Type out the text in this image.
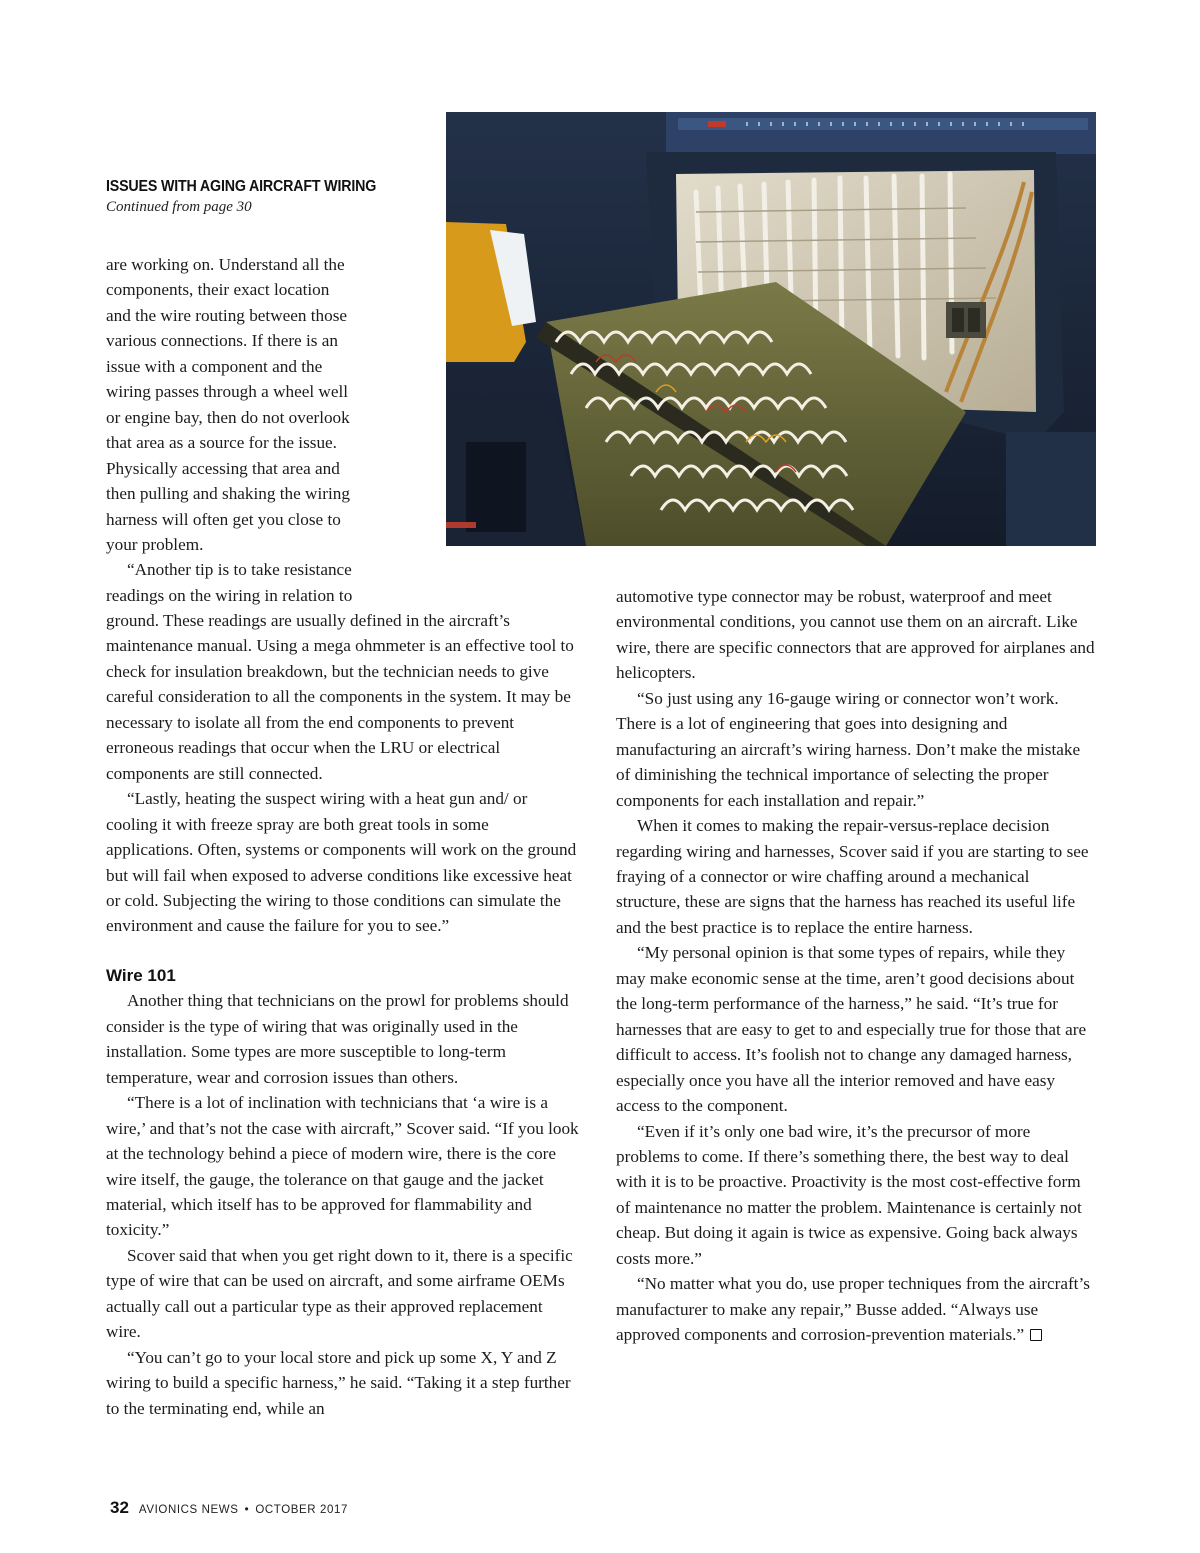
ISSUES WITH AGING AIRCRAFT WIRING
Continued from page 30
are working on. Understand all the
components, their exact location
and the wire routing between those
various connections. If there is an
issue with a component and the
wiring passes through a wheel well
or engine bay, then do not overlook
that area as a source for the issue.
Physically accessing that area and
then pulling and shaking the wiring
harness will often get you close to
your problem.
“Another tip is to take resistance
readings on the wiring in relation to

ground. These readings are usually defined in the aircraft’s maintenance manual. Using a mega ohmmeter is an effective tool to check for insulation breakdown, but the technician needs to give careful consideration to all the components in the system. It may be necessary to isolate all from the end components to prevent erroneous readings that occur when the LRU or electrical components are still connected.

“Lastly, heating the suspect wiring with a heat gun and/ or cooling it with freeze spray are both great tools in some applications. Often, systems or components will work on the ground but will fail when exposed to adverse conditions like excessive heat or cold. Subjecting the wiring to those conditions can simulate the environment and cause the failure for you to see.”

Wire 101

Another thing that technicians on the prowl for problems should consider is the type of wiring that was originally used in the installation. Some types are more susceptible to long-term temperature, wear and corrosion issues than others.

“There is a lot of inclination with technicians that ‘a wire is a wire,’ and that’s not the case with aircraft,” Scover said. “If you look at the technology behind a piece of modern wire, there is the core wire itself, the gauge, the tolerance on that gauge and the jacket material, which itself has to be approved for flammability and toxicity.”

Scover said that when you get right down to it, there is a specific type of wire that can be used on aircraft, and some airframe OEMs actually call out a particular type as their approved replacement wire.

“You can’t go to your local store and pick up some X, Y and Z wiring to build a specific harness,” he said. “Taking it a step further to the terminating end, while an

automotive type connector may be robust, waterproof and meet environmental conditions, you cannot use them on an aircraft. Like wire, there are specific connectors that are approved for airplanes and helicopters.

“So just using any 16-gauge wiring or connector won’t work. There is a lot of engineering that goes into designing and manufacturing an aircraft’s wiring harness. Don’t make the mistake of diminishing the technical importance of selecting the proper components for each installation and repair.”

When it comes to making the repair-versus-replace decision regarding wiring and harnesses, Scover said if you are starting to see fraying of a connector or wire chaffing around a mechanical structure, these are signs that the harness has reached its useful life and the best practice is to replace the entire harness.

“My personal opinion is that some types of repairs, while they may make economic sense at the time, aren’t good decisions about the long-term performance of the harness,” he said. “It’s true for harnesses that are easy to get to and especially true for those that are difficult to access. It’s foolish not to change any damaged harness, especially once you have all the interior removed and have easy access to the component.

“Even if it’s only one bad wire, it’s the precursor of more problems to come. If there’s something there, the best way to deal with it is to be proactive. Proactivity is the most cost-effective form of maintenance no matter the problem. Maintenance is certainly not cheap. But doing it again is twice as expensive. Going back always costs more.”

“No matter what you do, use proper techniques from the aircraft’s manufacturer to make any repair,” Busse added. “Always use approved components and corrosion-prevention materials.”

32 AVIONICS NEWS • OCTOBER 2017
